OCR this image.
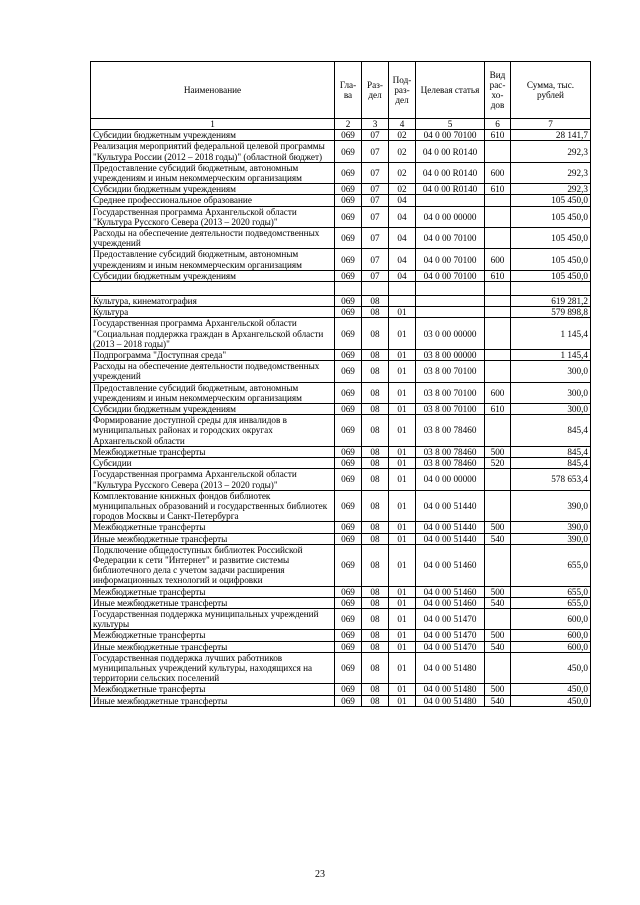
Наименование	Гла-ва	Раз-дел	Под-раз-дел	Целевая статья	Вид рас-хо-дов	Сумма, тыс. рублей
1	2	3	4	5	6	7
Субсидии бюджетным учреждениям	069	07	02	04 0 00 70100	610	28 141,7
Реализация мероприятий федеральной целевой программы "Культура России (2012 – 2018 годы)" (областной бюджет)	069	07	02	04 0 00 R0140		292,3
Предоставление субсидий бюджетным, автономным учреждениям и иным некоммерческим организациям	069	07	02	04 0 00 R0140	600	292,3
Субсидии бюджетным учреждениям	069	07	02	04 0 00 R0140	610	292,3
Среднее профессиональное образование	069	07	04			105 450,0
Государственная программа Архангельской области "Культура Русского Севера (2013 – 2020 годы)"	069	07	04	04 0 00 00000		105 450,0
Расходы на обеспечение деятельности подведомственных учреждений	069	07	04	04 0 00 70100		105 450,0
Предоставление субсидий бюджетным, автономным учреждениям и иным некоммерческим организациям	069	07	04	04 0 00 70100	600	105 450,0
Субсидии бюджетным учреждениям	069	07	04	04 0 00 70100	610	105 450,0

Культура, кинематография	069	08				619 281,2
Культура	069	08	01			579 898,8
Государственная программа Архангельской области "Социальная поддержка граждан в Архангельской области (2013 – 2018 годы)"	069	08	01	03 0 00 00000		1 145,4
Подпрограмма "Доступная среда"	069	08	01	03 8 00 00000		1 145,4
Расходы на обеспечение деятельности подведомственных учреждений	069	08	01	03 8 00 70100		300,0
Предоставление субсидий бюджетным, автономным учреждениям и иным некоммерческим организациям	069	08	01	03 8 00 70100	600	300,0
Субсидии бюджетным учреждениям	069	08	01	03 8 00 70100	610	300,0
Формирование доступной среды для инвалидов в муниципальных районах и городских округах Архангельской области	069	08	01	03 8 00 78460		845,4
Межбюджетные трансферты	069	08	01	03 8 00 78460	500	845,4
Субсидии	069	08	01	03 8 00 78460	520	845,4
Государственная программа Архангельской области "Культура Русского Севера (2013 – 2020 годы)"	069	08	01	04 0 00 00000		578 653,4
Комплектование книжных фондов библиотек муниципальных образований и государственных библиотек городов Москвы и Санкт-Петербурга	069	08	01	04 0 00 51440		390,0
Межбюджетные трансферты	069	08	01	04 0 00 51440	500	390,0
Иные межбюджетные трансферты	069	08	01	04 0 00 51440	540	390,0
Подключение общедоступных библиотек Российской Федерации к сети "Интернет" и развитие системы библиотечного дела с учетом задачи расширения информационных технологий и оцифровки	069	08	01	04 0 00 51460		655,0
Межбюджетные трансферты	069	08	01	04 0 00 51460	500	655,0
Иные межбюджетные трансферты	069	08	01	04 0 00 51460	540	655,0
Государственная поддержка муниципальных учреждений культуры	069	08	01	04 0 00 51470		600,0
Межбюджетные трансферты	069	08	01	04 0 00 51470	500	600,0
Иные межбюджетные трансферты	069	08	01	04 0 00 51470	540	600,0
Государственная поддержка лучших работников муниципальных учреждений культуры, находящихся на территории сельских поселений	069	08	01	04 0 00 51480		450,0
Межбюджетные трансферты	069	08	01	04 0 00 51480	500	450,0
Иные межбюджетные трансферты	069	08	01	04 0 00 51480	540	450,0
23
